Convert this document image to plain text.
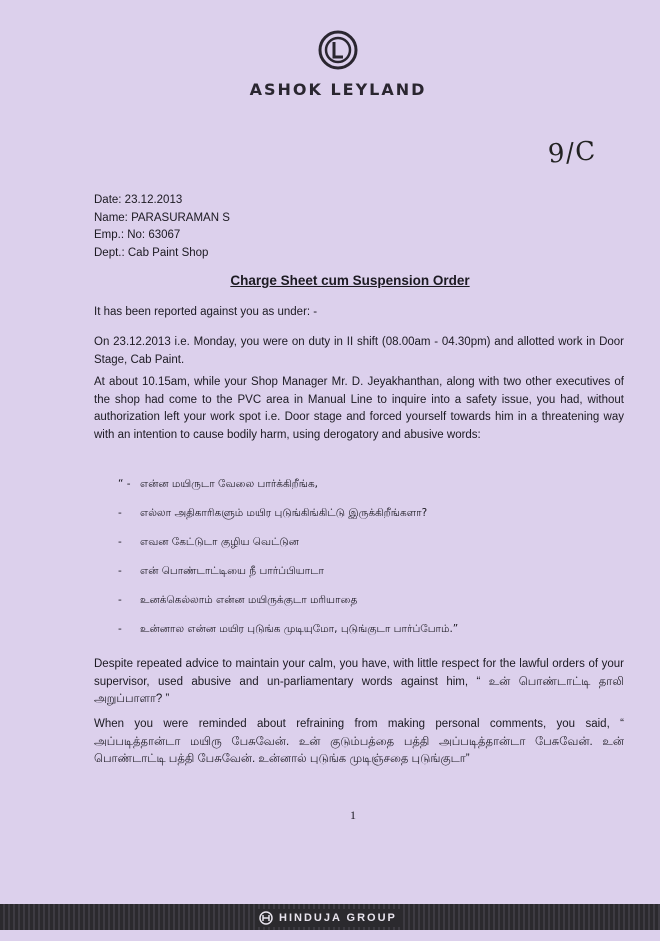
ASHOK LEYLAND
9/C
Date: 23.12.2013
Name: PARASURAMAN S
Emp.: No: 63067
Dept.: Cab Paint Shop
Charge Sheet cum Suspension Order
It has been reported against you as under: -
On 23.12.2013 i.e. Monday, you were on duty in II shift (08.00am - 04.30pm) and allotted work in Door Stage, Cab Paint.
At about 10.15am, while your Shop Manager Mr. D. Jeyakhanthan, along with two other executives of the shop had come to the PVC area in Manual Line to inquire into a safety issue, you had, without authorization left your work spot i.e. Door stage and forced yourself towards him in a threatening way with an intention to cause bodily harm, using derogatory and abusive words:
“ - என்ன மயிருடா வேலை பார்க்கிறீங்க,
- எல்லா அதிகாரிகளும் மயிர புடுங்கிங்கிட்டு இருக்கிறீங்களா?
- எவன கேட்டுடா குழிய வெட்டுன
- என் பொண்டாட்டியை நீ பார்ப்பியாடா
- உனக்கெல்லாம் என்ன மயிருக்குடா மரியாதை
- உன்னால என்ன மயிர புடுங்க முடியுமோ, புடுங்குடா பார்ப்போம்.”
Despite repeated advice to maintain your calm, you have, with little respect for the lawful orders of your supervisor, used abusive and un-parliamentary words against him, “ உன் பொண்டாட்டி தாலி அறுப்பாளா? ”
When you were reminded about refraining from making personal comments, you said, “ அப்படித்தான்டா மயிரு பேசுவேன். உன் குடும்பத்தை பத்தி அப்படித்தான்டா பேசுவேன். உன் பொண்டாட்டி பத்தி பேசுவேன். உன்னால் புடுங்க முடிஞ்சதை புடுங்குடா”
1
HINDUJA GROUP
